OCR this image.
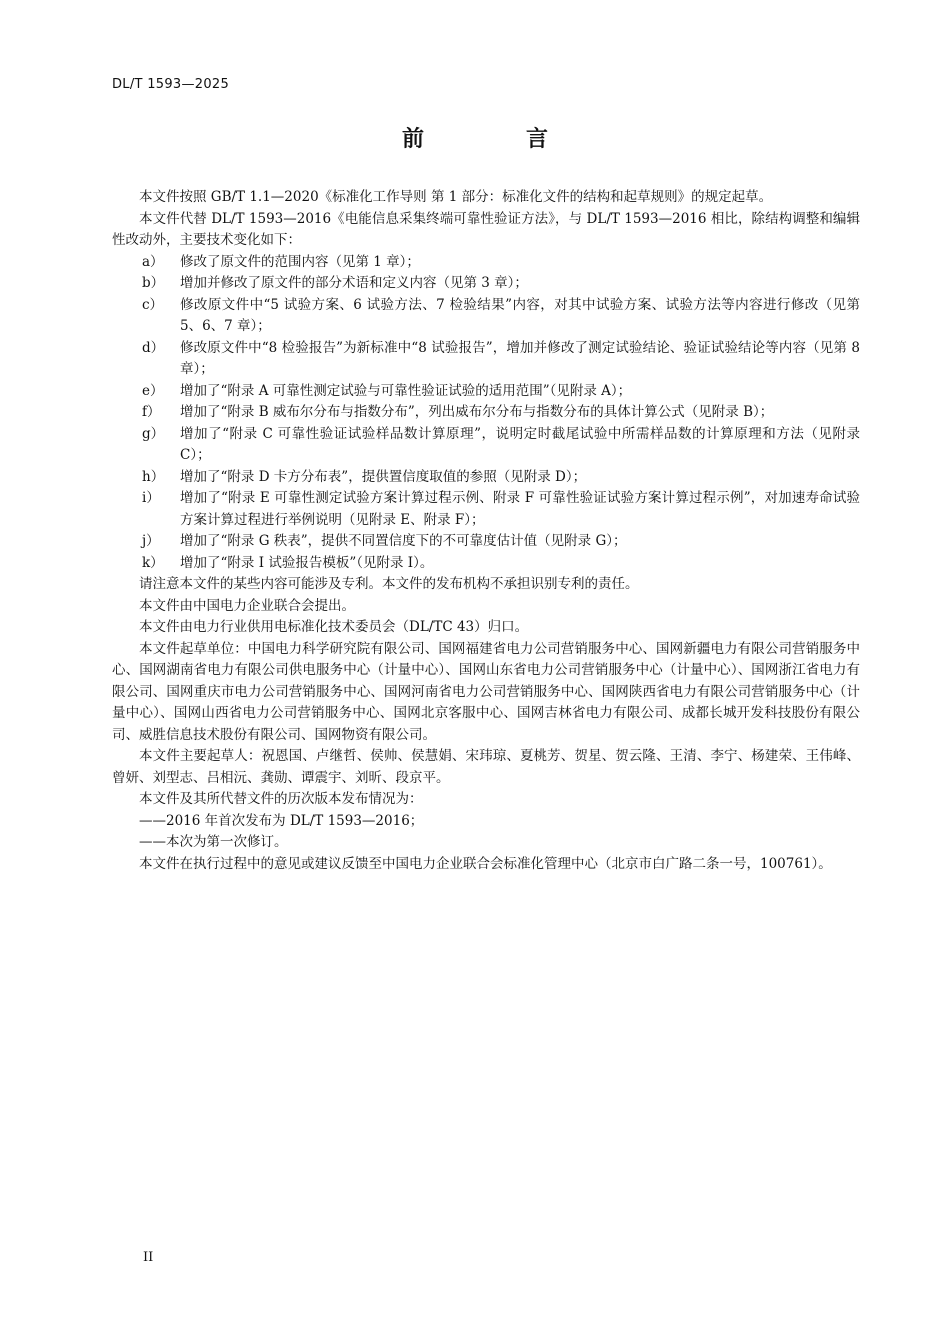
DL/T 1593—2025
前　言

本文件按照 GB/T 1.1—2020《标准化工作导则 第 1 部分：标准化文件的结构和起草规则》的规定起草。

本文件代替 DL/T 1593—2016《电能信息采集终端可靠性验证方法》，与 DL/T 1593—2016 相比，除结构调整和编辑性改动外，主要技术变化如下：

a）	修改了原文件的范围内容（见第 1 章）；
b）	增加并修改了原文件的部分术语和定义内容（见第 3 章）；
c）	修改原文件中“5 试验方案、6 试验方法、7 检验结果”内容，对其中试验方案、试验方法等内容进行修改（见第 5、6、7 章）；
d）	修改原文件中“8 检验报告”为新标准中“8 试验报告”，增加并修改了测定试验结论、验证试验结论等内容（见第 8 章）；
e）	增加了“附录 A 可靠性测定试验与可靠性验证试验的适用范围”（见附录 A）；
f）	增加了“附录 B 威布尔分布与指数分布”，列出威布尔分布与指数分布的具体计算公式（见附录 B）；
g）	增加了“附录 C 可靠性验证试验样品数计算原理”，说明定时截尾试验中所需样品数的计算原理和方法（见附录 C）；
h）	增加了“附录 D 卡方分布表”，提供置信度取值的参照（见附录 D）；
i）	增加了“附录 E 可靠性测定试验方案计算过程示例、附录 F 可靠性验证试验方案计算过程示例”，对加速寿命试验方案计算过程进行举例说明（见附录 E、附录 F）；
j）	增加了“附录 G 秩表”，提供不同置信度下的不可靠度估计值（见附录 G）；
k）	增加了“附录 I 试验报告模板”（见附录 I）。

请注意本文件的某些内容可能涉及专利。本文件的发布机构不承担识别专利的责任。

本文件由中国电力企业联合会提出。

本文件由电力行业供用电标准化技术委员会（DL/TC 43）归口。

本文件起草单位：中国电力科学研究院有限公司、国网福建省电力公司营销服务中心、国网新疆电力有限公司营销服务中心、国网湖南省电力有限公司供电服务中心（计量中心）、国网山东省电力公司营销服务中心（计量中心）、国网浙江省电力有限公司、国网重庆市电力公司营销服务中心、国网河南省电力公司营销服务中心、国网陕西省电力有限公司营销服务中心（计量中心）、国网山西省电力公司营销服务中心、国网北京客服中心、国网吉林省电力有限公司、成都长城开发科技股份有限公司、威胜信息技术股份有限公司、国网物资有限公司。

本文件主要起草人：祝恩国、卢继哲、侯帅、侯慧娟、宋玮琼、夏桃芳、贺星、贺云隆、王清、李宁、杨建荣、王伟峰、曾妍、刘型志、吕相沅、龚勋、谭震宇、刘昕、段京平。

本文件及其所代替文件的历次版本发布情况为：

——2016 年首次发布为 DL/T 1593—2016；

——本次为第一次修订。

本文件在执行过程中的意见或建议反馈至中国电力企业联合会标准化管理中心（北京市白广路二条一号，100761）。

II
